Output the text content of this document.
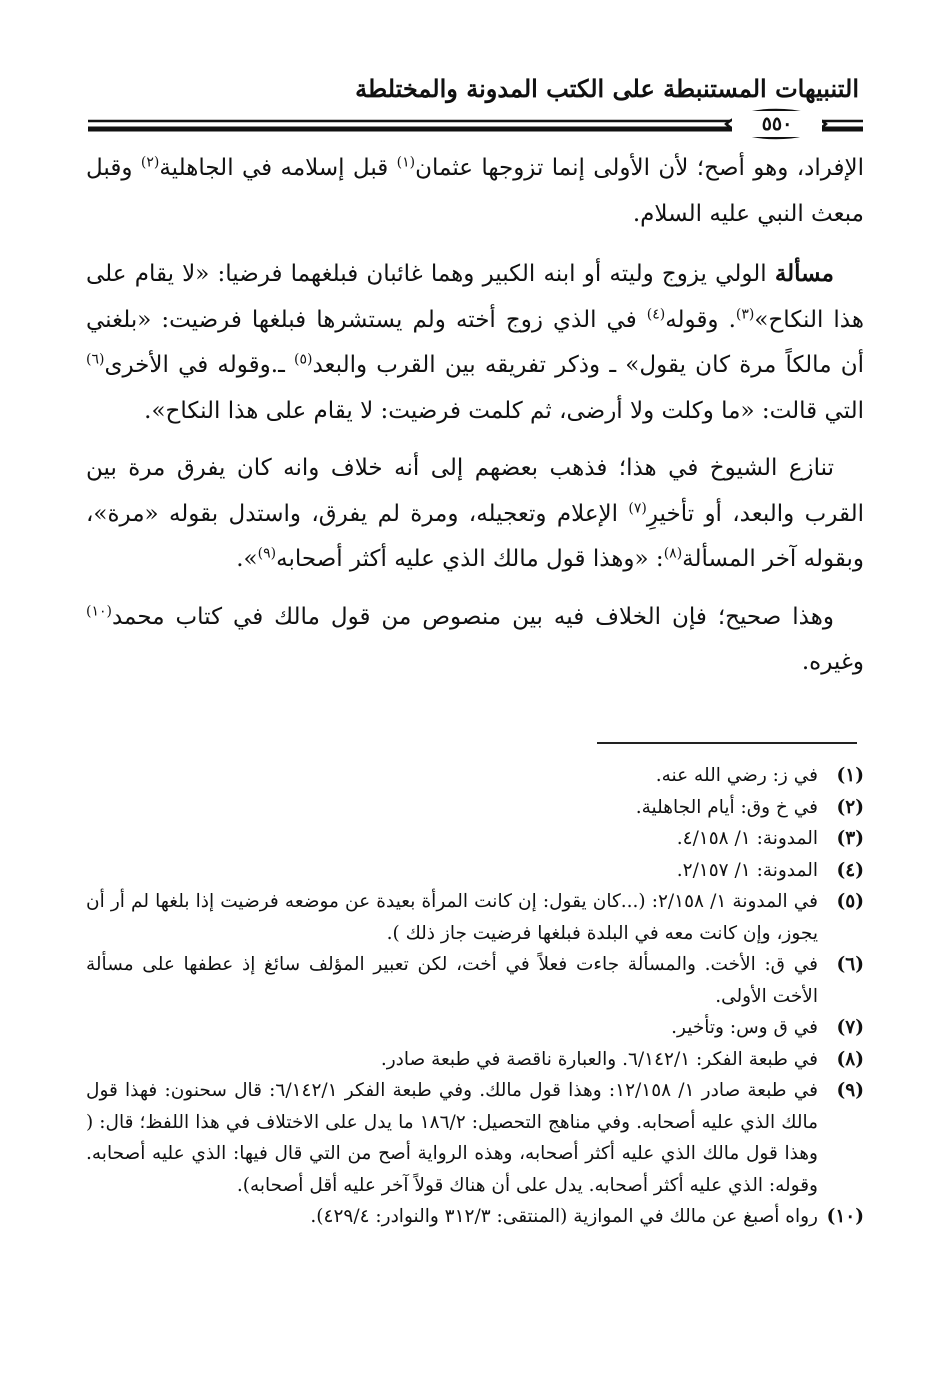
التنبيهات المستنبطة على الكتب المدونة والمختلطة
٥٥٠

الإفراد، وهو أصح؛ لأن الأولى إنما تزوجها عثمان$^{(١)}$ قبل إسلامه في الجاهلية$^{(٢)}$ وقبل مبعث النبي عليه السلام.

مسألة الولي يزوج وليته أو ابنه الكبير وهما غائبان فبلغهما فرضيا: «لا يقام على هذا النكاح»$^{(٣)}$. وقوله$^{(٤)}$ في الذي زوج أخته ولم يستشرها فبلغها فرضيت: «بلغني أن مالكاً مرة كان يقول» ـ وذكر تفريقه بين القرب والبعد$^{(٥)}$ ـ.وقوله في الأخرى$^{(٦)}$ التي قالت: «ما وكلت ولا أرضى، ثم كلمت فرضيت: لا يقام على هذا النكاح».

تنازع الشيوخ في هذا؛ فذهب بعضهم إلى أنه خلاف وانه كان يفرق مرة بين القرب والبعد، أو تأخيرِ$^{(٧)}$ الإعلام وتعجيله، ومرة لم يفرق، واستدل بقوله «مرة»، وبقوله آخر المسألة$^{(٨)}$: «وهذا قول مالك الذي عليه أكثر أصحابه$^{(٩)}$».

وهذا صحيح؛ فإن الخلاف فيه بين منصوص من قول مالك في كتاب محمد$^{(١٠)}$ وغيره.

(١)
في ز: رضي الله عنه.
(٢)
في خ وق: أيام الجاهلية.
(٣)
المدونة: ١/ ٤/١٥٨.
(٤)
المدونة: ١/ ٢/١٥٧.
(٥)
في المدونة ١/ ٢/١٥٨: (...كان يقول: إن كانت المرأة بعيدة عن موضعه فرضيت إذا بلغها لم أر أن يجوز، وإن كانت معه في البلدة فبلغها فرضيت جاز ذلك ).
(٦)
في ق: الأخت. والمسألة جاءت فعلاً في أخت، لكن تعبير المؤلف سائغ إذ عطفها على مسألة الأخت الأولى.
(٧)
في ق وس: وتأخير.
(٨)
في طبعة الفكر: ٦/١٤٢/١. والعبارة ناقصة في طبعة صادر.
(٩)
في طبعة صادر ١/ ١٢/١٥٨: وهذا قول مالك. وفي طبعة الفكر ٦/١٤٢/١: قال سحنون: فهذا قول مالك الذي عليه أصحابه. وفي مناهج التحصيل: ١٨٦/٢ ما يدل على الاختلاف في هذا اللفظ؛ قال: ( وهذا قول مالك الذي عليه أكثر أصحابه، وهذه الرواية أصح من التي قال فيها: الذي عليه أصحابه. وقوله: الذي عليه أكثر أصحابه. يدل على أن هناك قولاً آخر عليه أقل أصحابه).
(١٠)
رواه أصبغ عن مالك في الموازية (المنتقى: ٣١٢/٣ والنوادر: ٤٢٩/٤).
